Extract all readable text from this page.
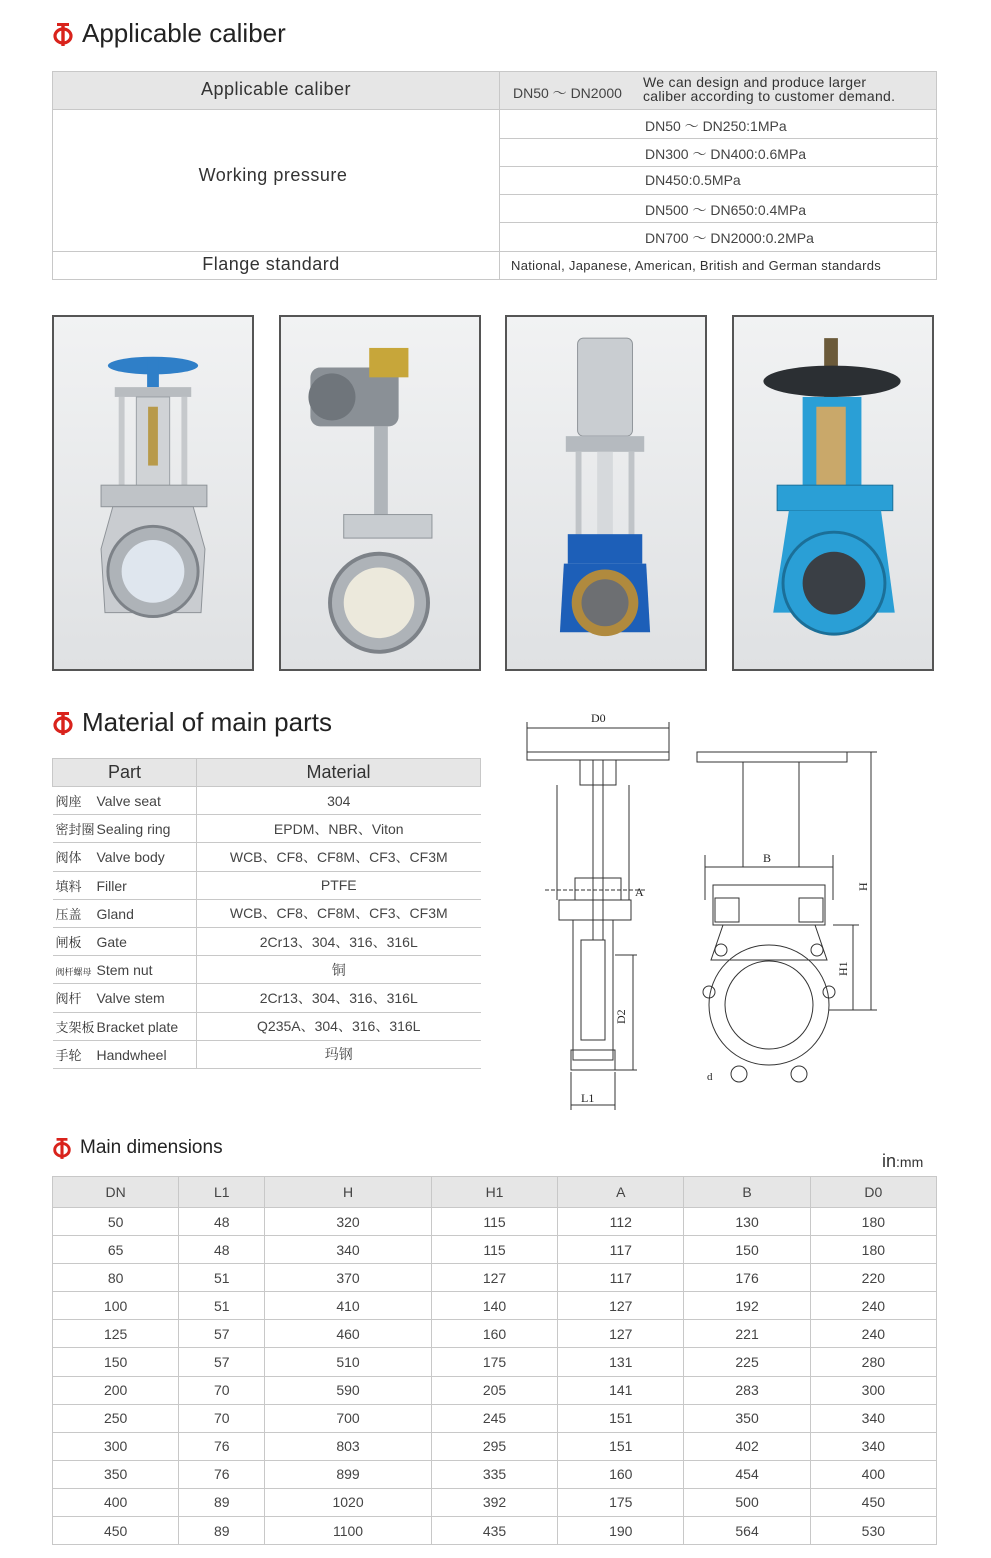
Applicable caliber
Applicable caliber	DN50 ～ DN2000
We can design and produce larger
caliber according to customer demand.
Working pressure
DN50 ～ DN250:1MPa
DN300 ～ DN400:0.6MPa
DN450:0.5MPa
DN500 ～ DN650:0.4MPa
DN700 ～ DN2000:0.2MPa
Flange standard	National, Japanese, American, British and German standards
Material of main parts
Part	Material
阀座 Valve seat	304
密封圈 Sealing ring	EPDM、NBR、Viton
阀体 Valve body	WCB、CF8、CF8M、CF3、CF3M
填料 Filler	PTFE
压盖 Gland	WCB、CF8、CF8M、CF3、CF3M
闸板 Gate	2Cr13、304、316、316L
阀杆螺母 Stem nut	铜
阀杆 Valve stem	2Cr13、304、316、316L
支架板 Bracket plate	Q235A、304、316、316L
手轮 Handwheel	玛钢
D0
A
B
H
H1
D2
L1
d
Main dimensions
in:mm
DN	L1	H	H1	A	B	D0
50	48	320	115	112	130	180
65	48	340	115	117	150	180
80	51	370	127	117	176	220
100	51	410	140	127	192	240
125	57	460	160	127	221	240
150	57	510	175	131	225	280
200	70	590	205	141	283	300
250	70	700	245	151	350	340
300	76	803	295	151	402	340
350	76	899	335	160	454	400
400	89	1020	392	175	500	450
450	89	1100	435	190	564	530
